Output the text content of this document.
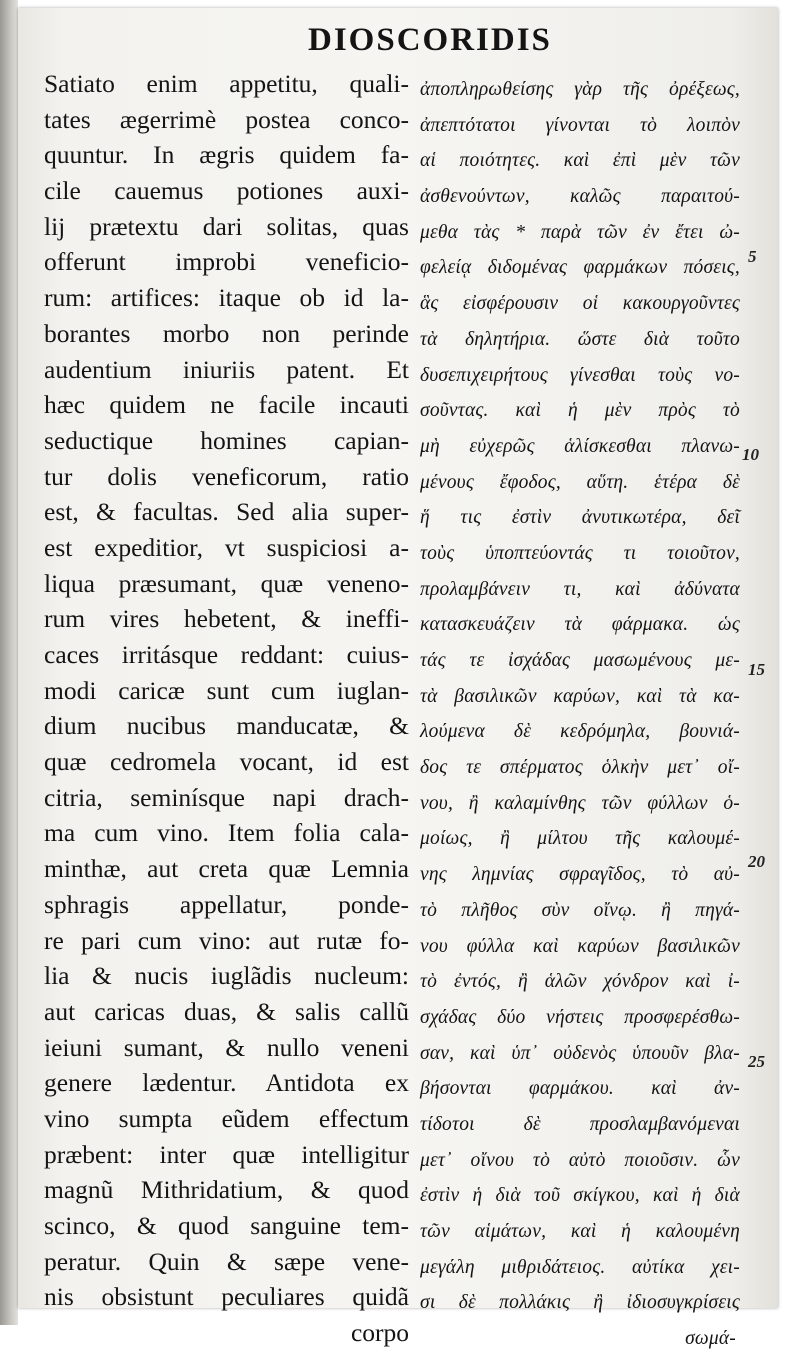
DIOSCORIDIS
Satiato enim appetitu, quali-
tates ægerrimè postea conco-
quuntur. In ægris quidem fa-
cile cauemus potiones auxi-
lij prætextu dari solitas, quas
offerunt improbi veneficio-
rum: artifices: itaque ob id la-
borantes morbo non perinde
audentium iniuriis patent. Et
hæc quidem ne facile incauti
seductique homines capian-
tur dolis veneficorum, ratio
est, & facultas. Sed alia super-
est expeditior, vt suspiciosi a-
liqua præsumant, quæ veneno-
rum vires hebetent, & ineffi-
caces irritásque reddant: cuius-
modi caricæ sunt cum iuglan-
dium nucibus manducatæ, &
quæ cedromela vocant, id est
citria, seminísque napi drach-
ma cum vino. Item folia cala-
minthæ, aut creta quæ Lemnia
sphragis appellatur, ponde-
re pari cum vino: aut rutæ fo-
lia & nucis iuglãdis nucleum:
aut caricas duas, & salis callũ
ieiuni sumant, & nullo veneni
genere lædentur. Antidota ex
vino sumpta eũdem effectum
præbent: inter quæ intelligitur
magnũ Mithridatium, & quod
scinco, & quod sanguine tem-
peratur. Quin & sæpe vene-
nis obsistunt peculiares quidã
corpo
ἀποπληρωθείσης γὰρ τῆς ὀρέξεως,
ἀπεπτότατοι γίνονται τὸ λοιπὸν
αἱ ποιότητες. καὶ ἐπὶ μὲν τῶν
ἀσθενούντων, καλῶς παραιτού-
μεθα τὰς * παρὰ τῶν ἐν ἔτει ὠ-
φελείᾳ διδομένας φαρμάκων πόσεις,
ἃς εἰσφέρουσιν οἱ κακουργοῦντες
τὰ δηλητήρια. ὥστε διὰ τοῦτο
δυσεπιχειρήτους γίνεσθαι τοὺς νο-
σοῦντας. καὶ ἡ μὲν πρὸς τὸ
μὴ εὐχερῶς ἁλίσκεσθαι πλανω-
μένους ἔφοδος, αὕτη. ἑτέρα δὲ
ἥ τις ἐστὶν ἀνυτικωτέρα, δεῖ
τοὺς ὑποπτεύοντάς τι τοιοῦτον,
προλαμβάνειν τι, καὶ ἀδύνατα
κατασκευάζειν τὰ φάρμακα. ὡς
τάς τε ἰσχάδας μασωμένους με-
τὰ βασιλικῶν καρύων, καὶ τὰ κα-
λούμενα δὲ κεδρόμηλα, βουνιά-
δος τε σπέρματος ὁλκὴν μετ᾽ οἴ-
νου, ἢ καλαμίνθης τῶν φύλλων ὁ-
μοίως, ἢ μίλτου τῆς καλουμέ-
νης λημνίας σφραγῖδος, τὸ αὐ-
τὸ πλῆθος σὺν οἴνῳ. ἢ πηγά-
νου φύλλα καὶ καρύων βασιλικῶν
τὸ ἐντός, ἢ ἁλῶν χόνδρον καὶ ἰ-
σχάδας δύο νήστεις προσφερέσθω-
σαν, καὶ ὑπ᾽ οὐδενὸς ὑπουῦν βλα-
βήσονται φαρμάκου. καὶ ἀν-
τίδοτοι δὲ προσλαμβανόμεναι
μετ᾽ οἴνου τὸ αὐτὸ ποιοῦσιν. ὧν
ἐστὶν ἡ διὰ τοῦ σκίγκου, καὶ ἡ διὰ
τῶν αἱμάτων, καὶ ἡ καλουμένη
μεγάλη μιθριδάτειος. αὐτίκα χει-
σι δὲ πολλάκις ἢ ἰδιοσυγκρίσεις
σωμά-
5
10
15
20
25
